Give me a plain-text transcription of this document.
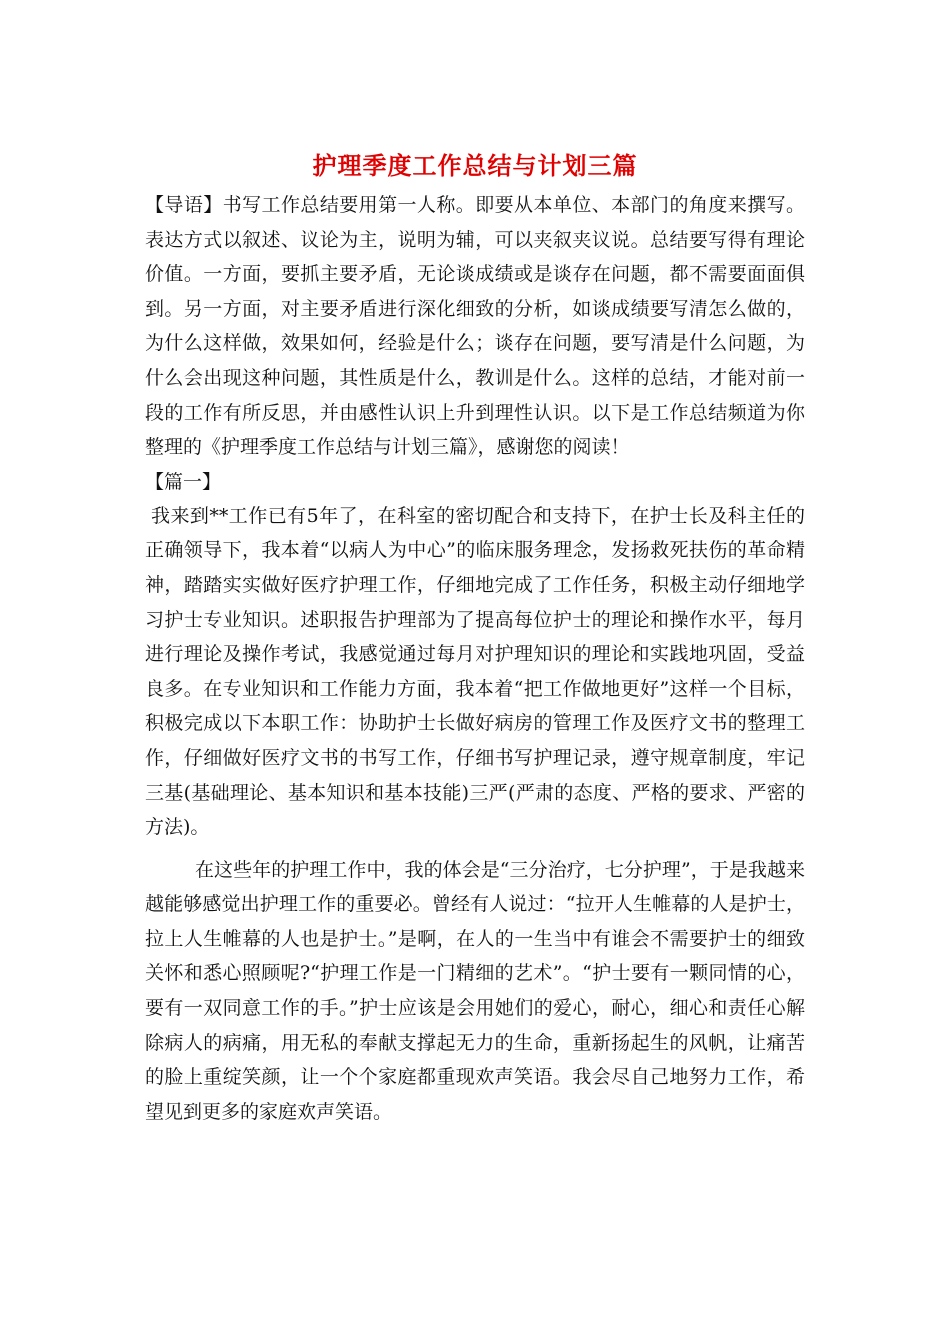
护理季度工作总结与计划三篇

【导语】书写工作总结要用第一人称。即要从本单位、本部门的角度来撰写。表达方式以叙述、议论为主，说明为辅，可以夹叙夹议说。总结要写得有理论价值。一方面，要抓主要矛盾，无论谈成绩或是谈存在问题，都不需要面面俱到。另一方面，对主要矛盾进行深化细致的分析，如谈成绩要写清怎么做的，为什么这样做，效果如何，经验是什么；谈存在问题，要写清是什么问题，为什么会出现这种问题，其性质是什么，教训是什么。这样的总结，才能对前一段的工作有所反思，并由感性认识上升到理性认识。以下是工作总结频道为你整理的《护理季度工作总结与计划三篇》，感谢您的阅读！

【篇一】

我来到**工作已有5年了，在科室的密切配合和支持下，在护士长及科主任的正确领导下，我本着“以病人为中心”的临床服务理念，发扬救死扶伤的革命精神，踏踏实实做好医疗护理工作，仔细地完成了工作任务，积极主动仔细地学习护士专业知识。述职报告护理部为了提高每位护士的理论和操作水平，每月进行理论及操作考试，我感觉通过每月对护理知识的理论和实践地巩固，受益良多。在专业知识和工作能力方面，我本着“把工作做地更好”这样一个目标，积极完成以下本职工作：协助护士长做好病房的管理工作及医疗文书的整理工作，仔细做好医疗文书的书写工作，仔细书写护理记录，遵守规章制度，牢记三基(基础理论、基本知识和基本技能)三严(严肃的态度、严格的要求、严密的方法)。

在这些年的护理工作中，我的体会是“三分治疗，七分护理”，于是我越来越能够感觉出护理工作的重要必。曾经有人说过：“拉开人生帷幕的人是护士，拉上人生帷幕的人也是护士。”是啊，在人的一生当中有谁会不需要护士的细致关怀和悉心照顾呢?“护理工作是一门精细的艺术”。“护士要有一颗同情的心，要有一双同意工作的手。”护士应该是会用她们的爱心，耐心，细心和责任心解除病人的病痛，用无私的奉献支撑起无力的生命，重新扬起生的风帆，让痛苦的脸上重绽笑颜，让一个个家庭都重现欢声笑语。我会尽自己地努力工作，希望见到更多的家庭欢声笑语。
